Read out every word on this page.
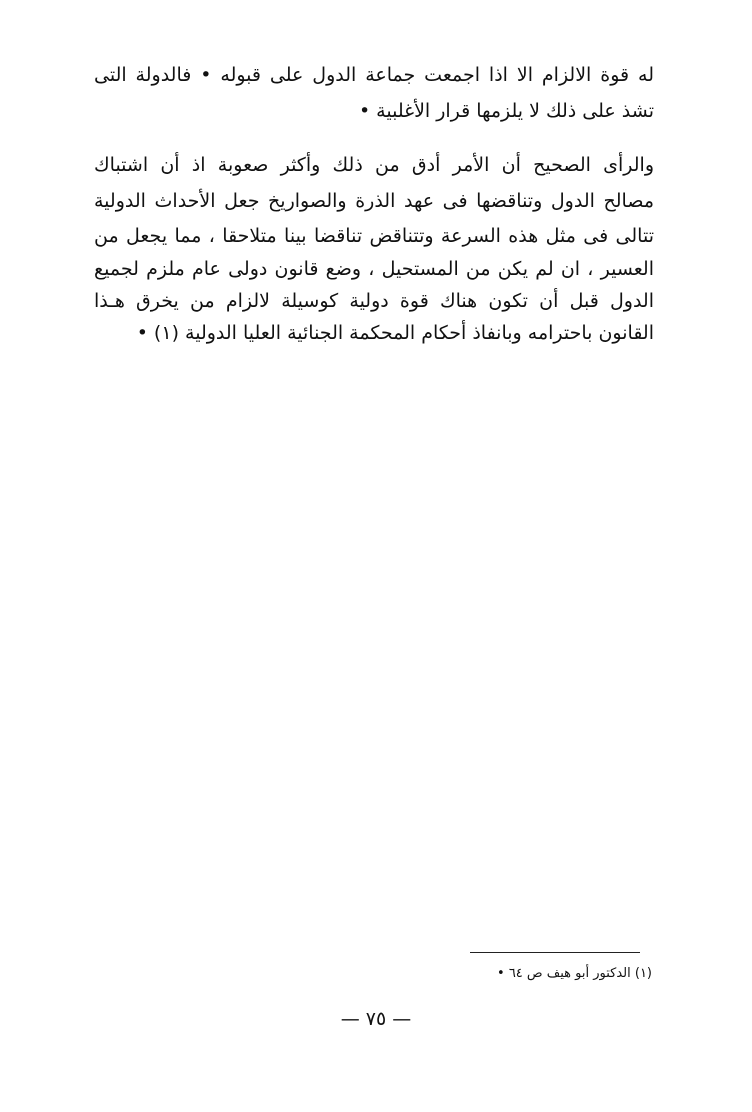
له قوة الالزام الا اذا اجمعت جماعة الدول على قبوله • فالدولة التى
تشذ على ذلك لا يلزمها قرار الأغلبية •
والرأى الصحيح أن الأمر أدق من ذلك وأكثر صعوبة اذ أن اشتباك
مصالح الدول وتناقضها فى عهد الذرة والصواريخ جعل الأحداث الدولية
تتالى فى مثل هذه السرعة وتتناقض تناقضا بينا متلاحقا ، مما يجعل من
العسير ، ان لم يكن من المستحيل ، وضع قانون دولى عام ملزم لجميع
الدول قبل أن تكون هناك قوة دولية كوسيلة لالزام من يخرق هـذا
القانون باحترامه وبانفاذ أحكام المحكمة الجنائية العليا الدولية (١) •
(١) الدكتور أبو هيف ص ٦٤ •
— ٧٥ —
